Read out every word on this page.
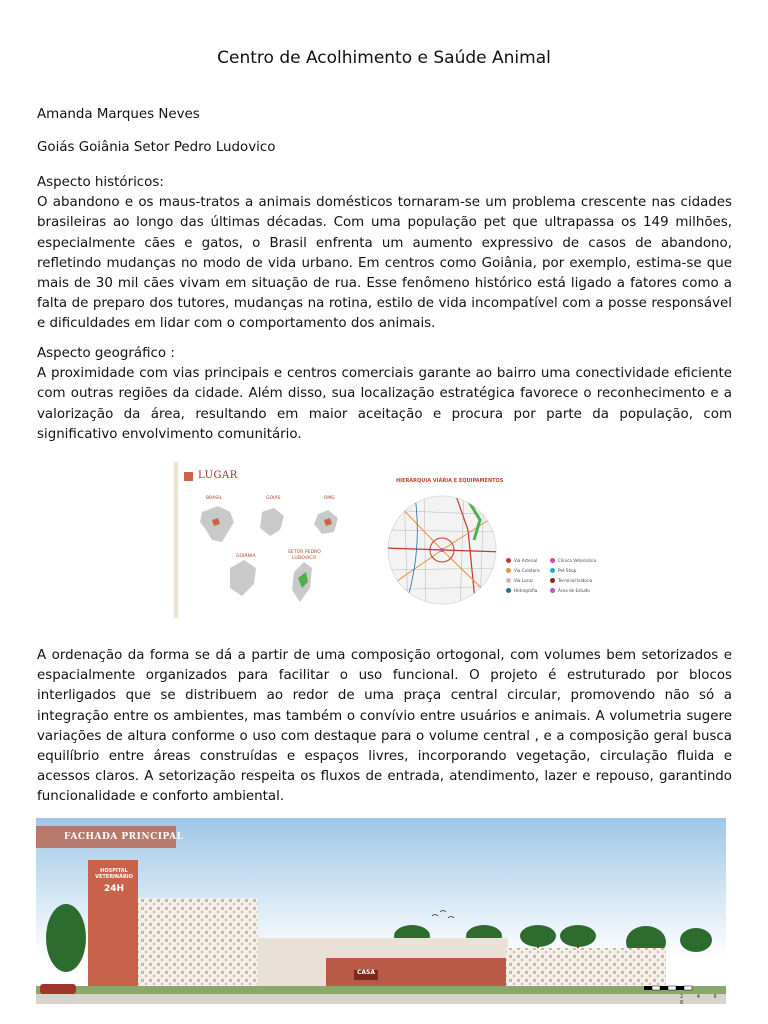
Centro de Acolhimento e Saúde Animal
Amanda Marques Neves
Goiás Goiânia Setor Pedro Ludovico
Aspecto históricos:
O abandono e os maus-tratos a animais domésticos tornaram-se um problema crescente nas cidades brasileiras ao longo das últimas décadas. Com uma população pet que ultrapassa os 149 milhões, especialmente cães e gatos, o Brasil enfrenta um aumento expressivo de casos de abandono, refletindo mudanças no modo de vida urbano. Em centros como Goiânia, por exemplo, estima-se que mais de 30 mil cães vivam em situação de rua. Esse fenômeno histórico está ligado a fatores como a falta de preparo dos tutores, mudanças na rotina, estilo de vida incompatível com a posse responsável e dificuldades em lidar com o comportamento dos animais.
Aspecto geográfico :
A proximidade com vias principais e centros comerciais garante ao bairro uma conectividade eficiente com outras regiões da cidade. Além disso, sua localização estratégica favorece o reconhecimento e a valorização da área, resultando em maior aceitação e procura por parte da população, com significativo envolvimento comunitário.
LUGAR
BRASIL	GOIÁS	RMG
GOIÂNIA
SETOR PEDRO
LUDOVICO
HIERARQUIA VIÁRIA E EQUIPAMENTOS
Via Arterial
Via Coletora
Via Local
Hidrografia
Clínica Veterinária
Pet Shop
Terminal Isidoria
Área de Estudo
A ordenação da forma se dá a partir de uma composição ortogonal, com volumes bem setorizados e espacialmente organizados para facilitar o uso funcional. O projeto é estruturado por blocos interligados que se distribuem ao redor de uma praça central circular, promovendo não só a integração entre os ambientes, mas também o convívio entre usuários e animais. A volumetria sugere variações de altura conforme o uso com destaque para o volume central , e a composição geral busca equilíbrio entre áreas construídas e espaços livres, incorporando vegetação, circulação fluida e acessos claros. A setorização respeita os fluxos de entrada, atendimento, lazer e repouso, garantindo funcionalidade e conforto ambiental.
FACHADA PRINCIPAL
HOSPITAL
VETERINÁRIO
24H
CASA
2 4 6 8
